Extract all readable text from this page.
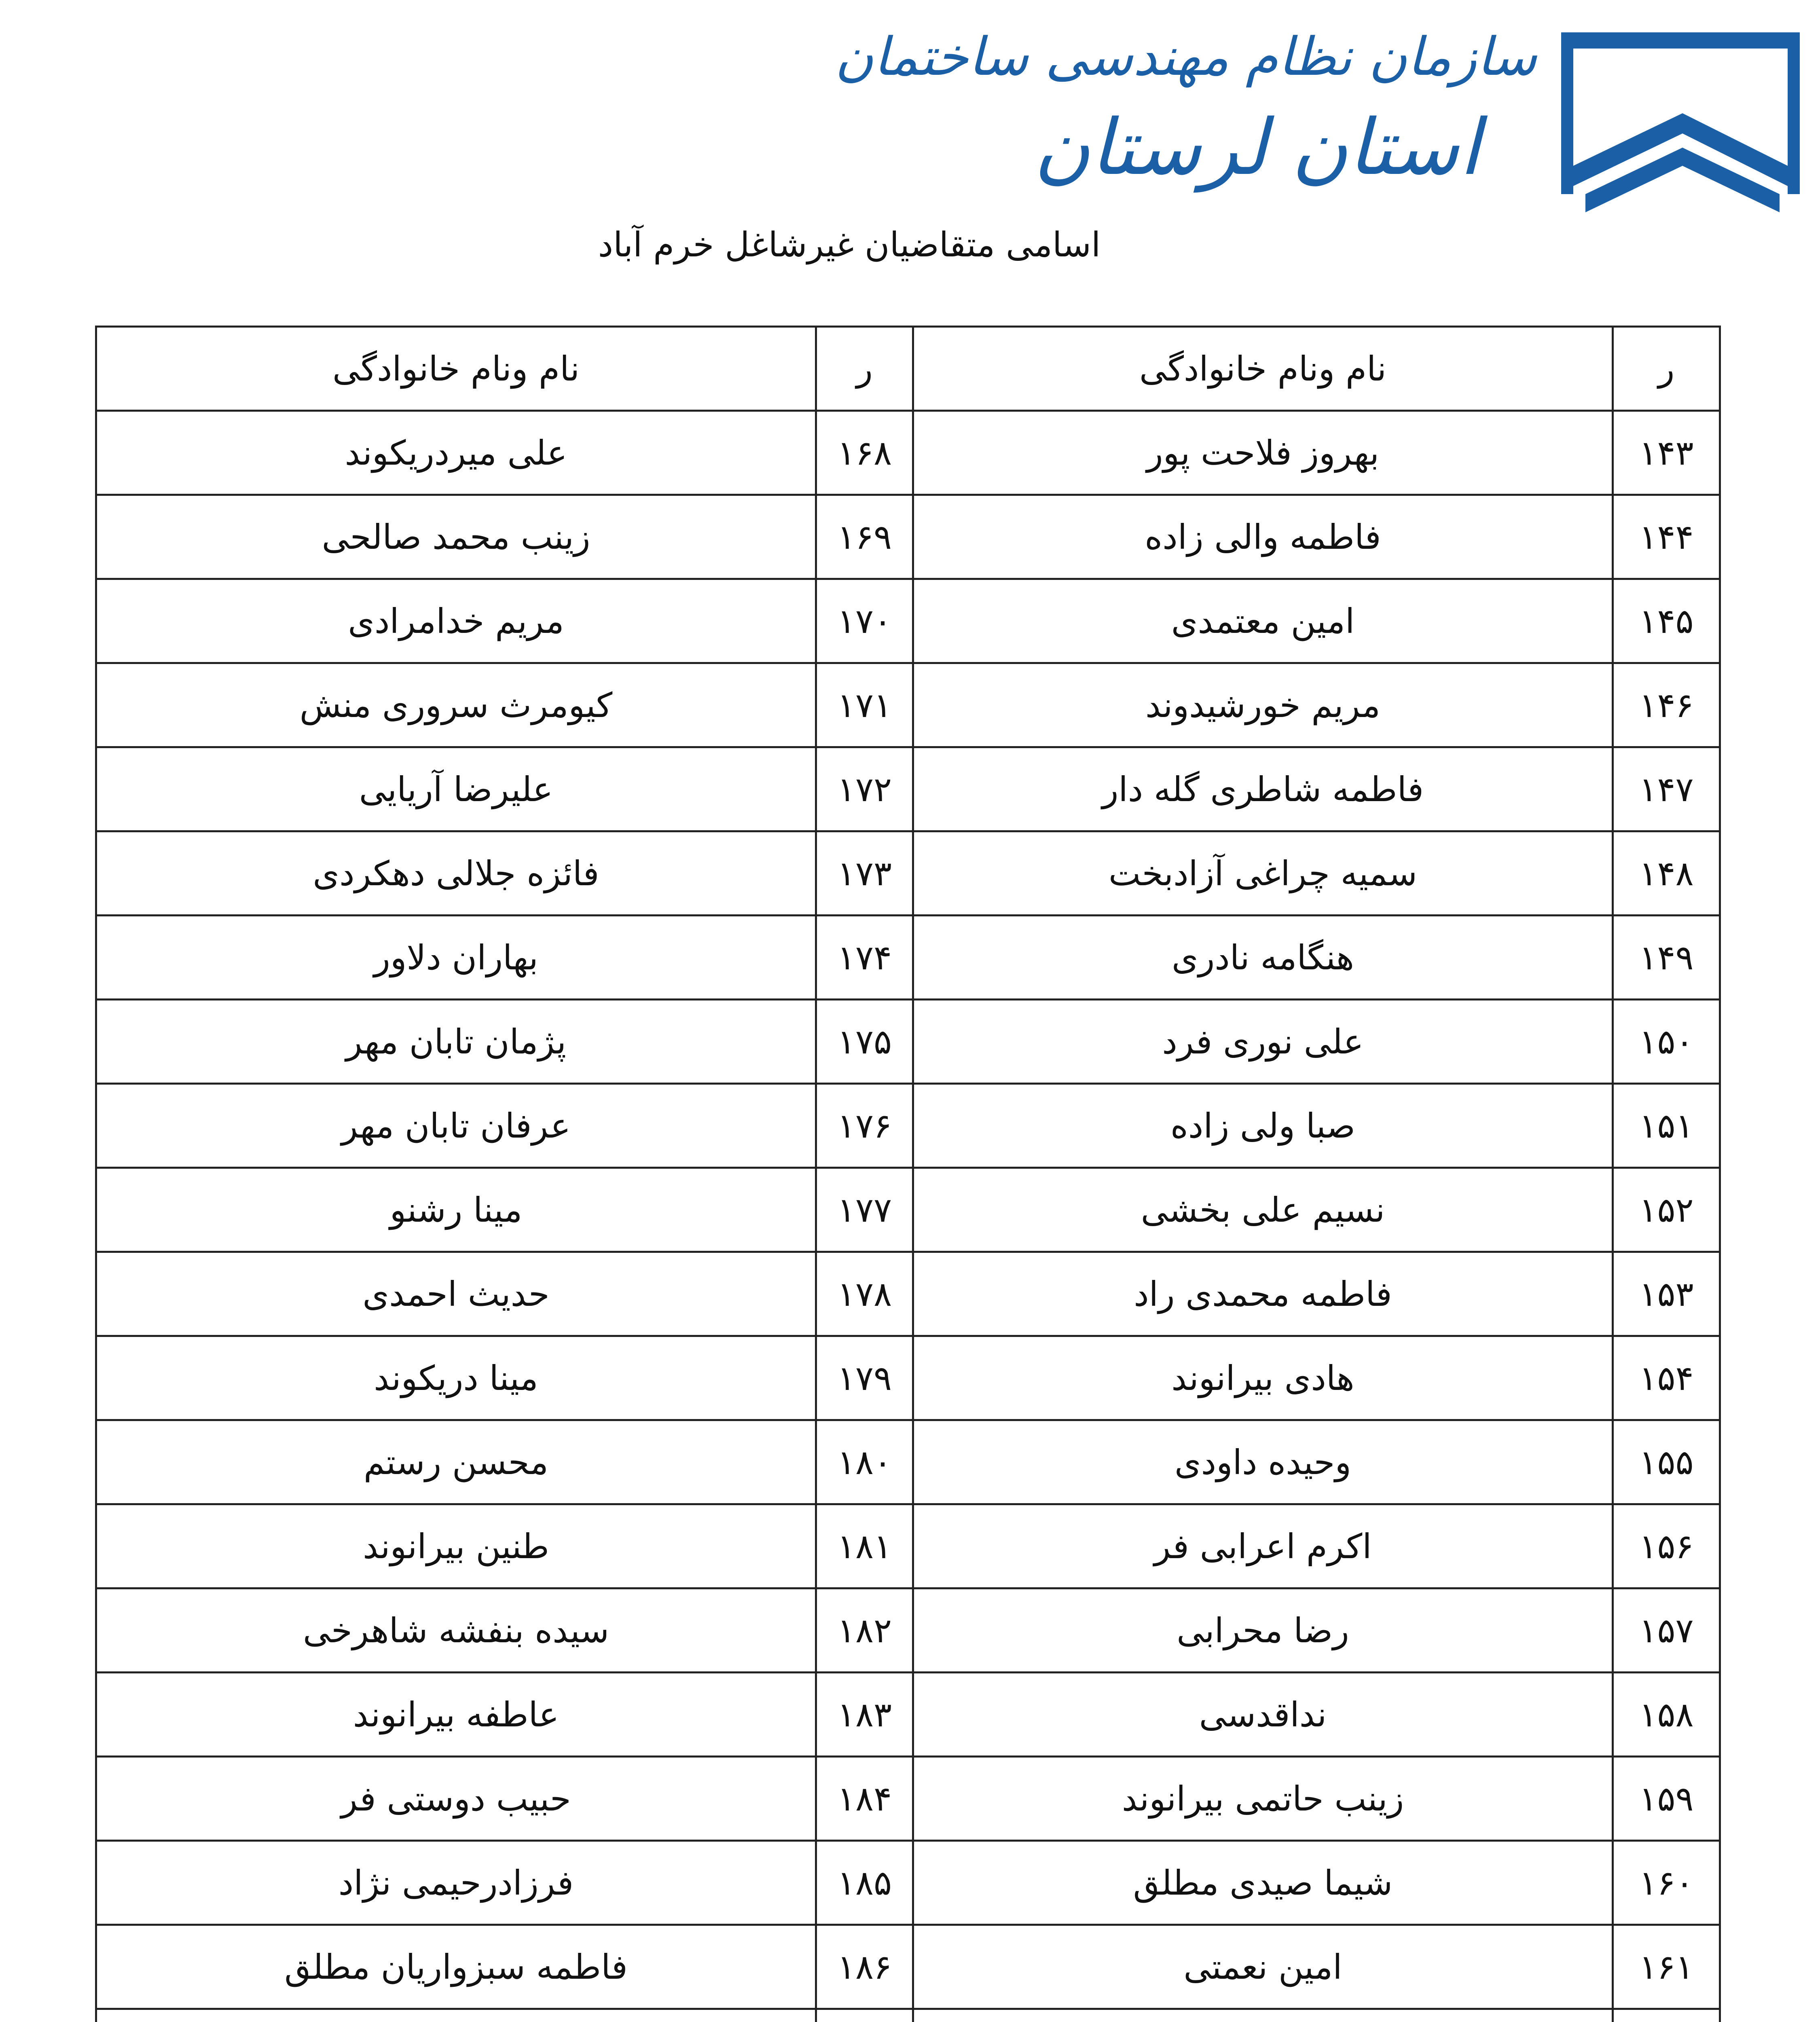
سازمان نظام مهندسی ساختمان
استان لرستان
اسامی متقاضیان غیرشاغل خرم آباد
ر	نام ونام خانوادگی	ر	نام ونام خانوادگی
۱۴۳	بهروز فلاحت پور	۱۶۸	علی میردریکوند
۱۴۴	فاطمه والی زاده	۱۶۹	زینب محمد صالحی
۱۴۵	امین معتمدی	۱۷۰	مریم خدامرادی
۱۴۶	مریم خورشیدوند	۱۷۱	کیومرث سروری منش
۱۴۷	فاطمه شاطری گله دار	۱۷۲	علیرضا آریایی
۱۴۸	سمیه چراغی آزادبخت	۱۷۳	فائزه جلالی دهکردی
۱۴۹	هنگامه نادری	۱۷۴	بهاران دلاور
۱۵۰	علی نوری فرد	۱۷۵	پژمان تابان مهر
۱۵۱	صبا ولی زاده	۱۷۶	عرفان تابان مهر
۱۵۲	نسیم علی بخشی	۱۷۷	مینا رشنو
۱۵۳	فاطمه محمدی راد	۱۷۸	حدیث احمدی
۱۵۴	هادی بیرانوند	۱۷۹	مینا دریکوند
۱۵۵	وحیده داودی	۱۸۰	محسن رستم
۱۵۶	اکرم اعرابی فر	۱۸۱	طنین بیرانوند
۱۵۷	رضا محرابی	۱۸۲	سیده بنفشه شاهرخی
۱۵۸	نداقدسی	۱۸۳	عاطفه بیرانوند
۱۵۹	زینب حاتمی بیرانوند	۱۸۴	حبیب دوستی فر
۱۶۰	شیما صیدی مطلق	۱۸۵	فرزادرحیمی نژاد
۱۶۱	امین نعمتی	۱۸۶	فاطمه سبزواریان مطلق
